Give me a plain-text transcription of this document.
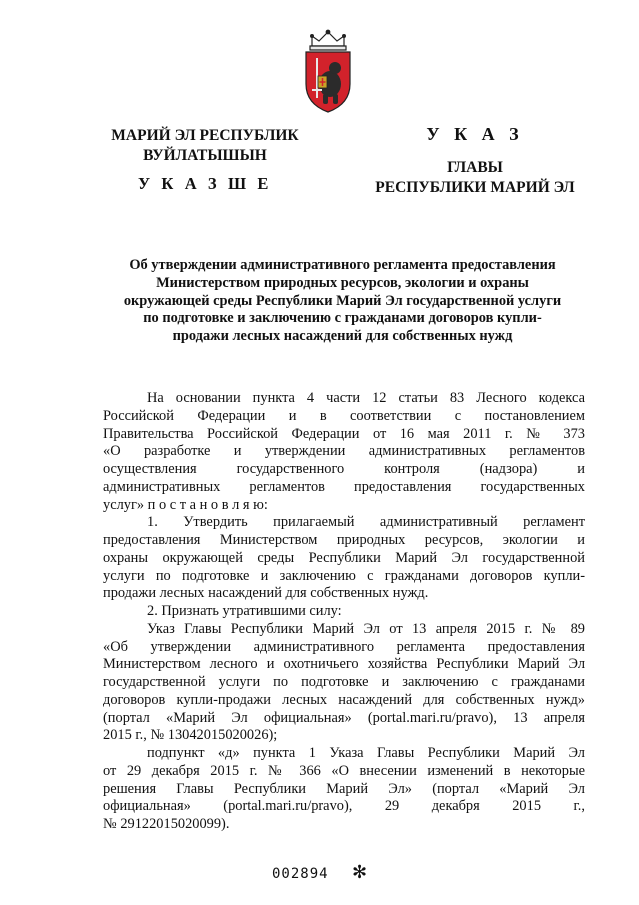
МАРИЙ ЭЛ РЕСПУБЛИК
ВУЙЛАТЫШЫН
У К А З Ш Е
У К А З
ГЛАВЫ
РЕСПУБЛИКИ МАРИЙ ЭЛ
Об утверждении административного регламента предоставления
Министерством природных ресурсов, экологии и охраны
окружающей среды Республики Марий Эл государственной услуги
по подготовке и заключению с гражданами договоров купли-
продажи лесных насаждений для собственных нужд
На основании пункта 4 части 12 статьи 83 Лесного кодекса
Российской Федерации и в соответствии с постановлением
Правительства Российской Федерации от 16 мая 2011 г. № 373
«О разработке и утверждении административных регламентов
осуществления государственного контроля (надзора) и
административных регламентов предоставления государственных
услуг» п о с т а н о в л я ю:
1. Утвердить прилагаемый административный регламент
предоставления Министерством природных ресурсов, экологии и
охраны окружающей среды Республики Марий Эл государственной
услуги по подготовке и заключению с гражданами договоров купли-
продажи лесных насаждений для собственных нужд.
2. Признать утратившими силу:
Указ Главы Республики Марий Эл от 13 апреля 2015 г. № 89
«Об утверждении административного регламента предоставления
Министерством лесного и охотничьего хозяйства Республики Марий Эл
государственной услуги по подготовке и заключению с гражданами
договоров купли-продажи лесных насаждений для собственных нужд»
(портал «Марий Эл официальная» (portal.mari.ru/pravo), 13 апреля
2015 г., № 13042015020026);
подпункт «д» пункта 1 Указа Главы Республики Марий Эл
от 29 декабря 2015 г. № 366 «О внесении изменений в некоторые
решения Главы Республики Марий Эл» (портал «Марий Эл
официальная» (portal.mari.ru/pravo), 29 декабря 2015 г.,
№ 29122015020099).
002894 ✻
